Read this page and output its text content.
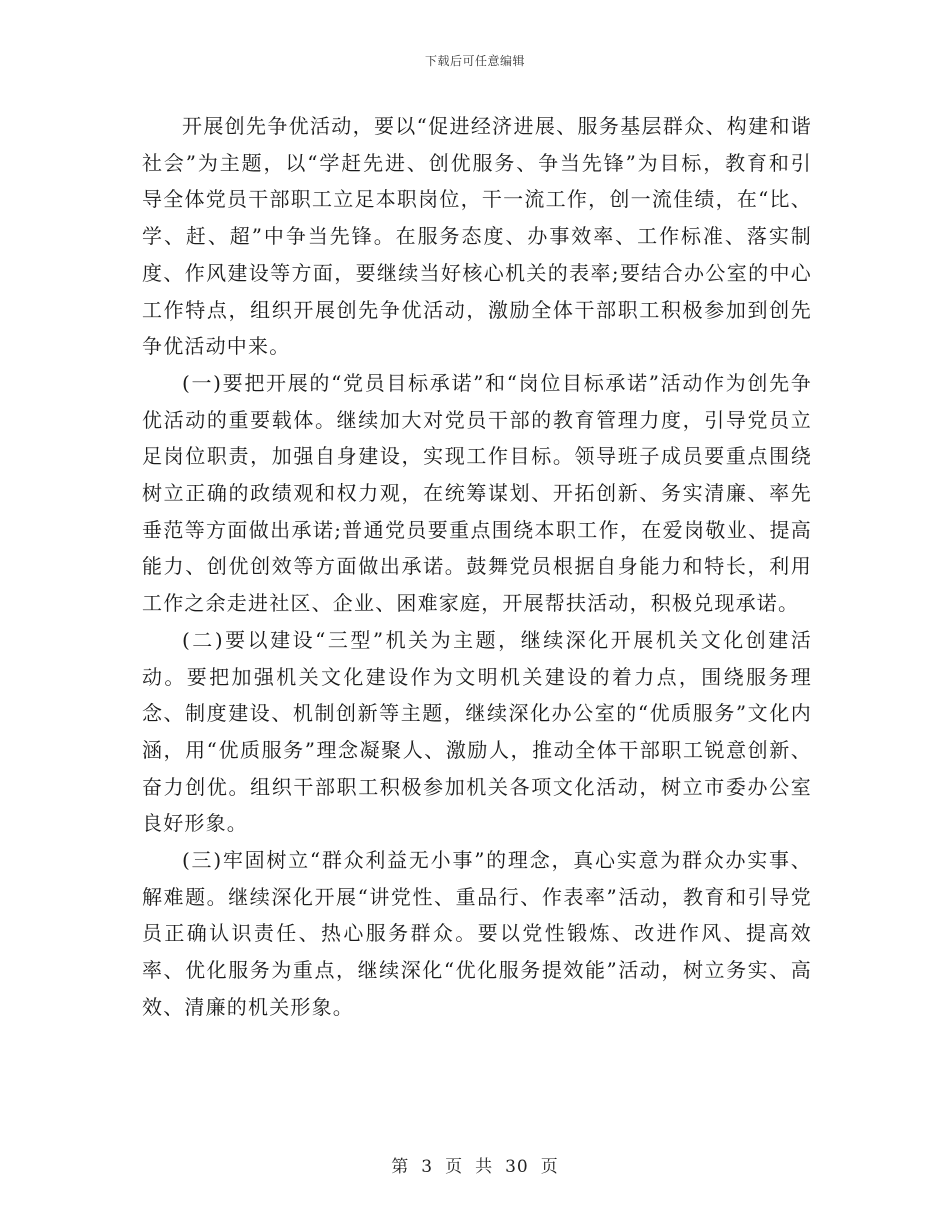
下载后可任意编辑

开展创先争优活动，要以“促进经济进展、服务基层群众、构建和谐社会”为主题，以“学赶先进、创优服务、争当先锋”为目标，教育和引导全体党员干部职工立足本职岗位，干一流工作，创一流佳绩，在“比、学、赶、超”中争当先锋。在服务态度、办事效率、工作标准、落实制度、作风建设等方面，要继续当好核心机关的表率;要结合办公室的中心工作特点，组织开展创先争优活动，激励全体干部职工积极参加到创先争优活动中来。

(一)要把开展的“党员目标承诺”和“岗位目标承诺”活动作为创先争优活动的重要载体。继续加大对党员干部的教育管理力度，引导党员立足岗位职责，加强自身建设，实现工作目标。领导班子成员要重点围绕树立正确的政绩观和权力观，在统筹谋划、开拓创新、务实清廉、率先垂范等方面做出承诺;普通党员要重点围绕本职工作，在爱岗敬业、提高能力、创优创效等方面做出承诺。鼓舞党员根据自身能力和特长，利用工作之余走进社区、企业、困难家庭，开展帮扶活动，积极兑现承诺。

(二)要以建设“三型”机关为主题，继续深化开展机关文化创建活动。要把加强机关文化建设作为文明机关建设的着力点，围绕服务理念、制度建设、机制创新等主题，继续深化办公室的“优质服务”文化内涵，用“优质服务”理念凝聚人、激励人，推动全体干部职工锐意创新、奋力创优。组织干部职工积极参加机关各项文化活动，树立市委办公室良好形象。

(三)牢固树立“群众利益无小事”的理念，真心实意为群众办实事、解难题。继续深化开展“讲党性、重品行、作表率”活动，教育和引导党员正确认识责任、热心服务群众。要以党性锻炼、改进作风、提高效率、优化服务为重点，继续深化“优化服务提效能”活动，树立务实、高效、清廉的机关形象。

第 3 页 共 30 页
